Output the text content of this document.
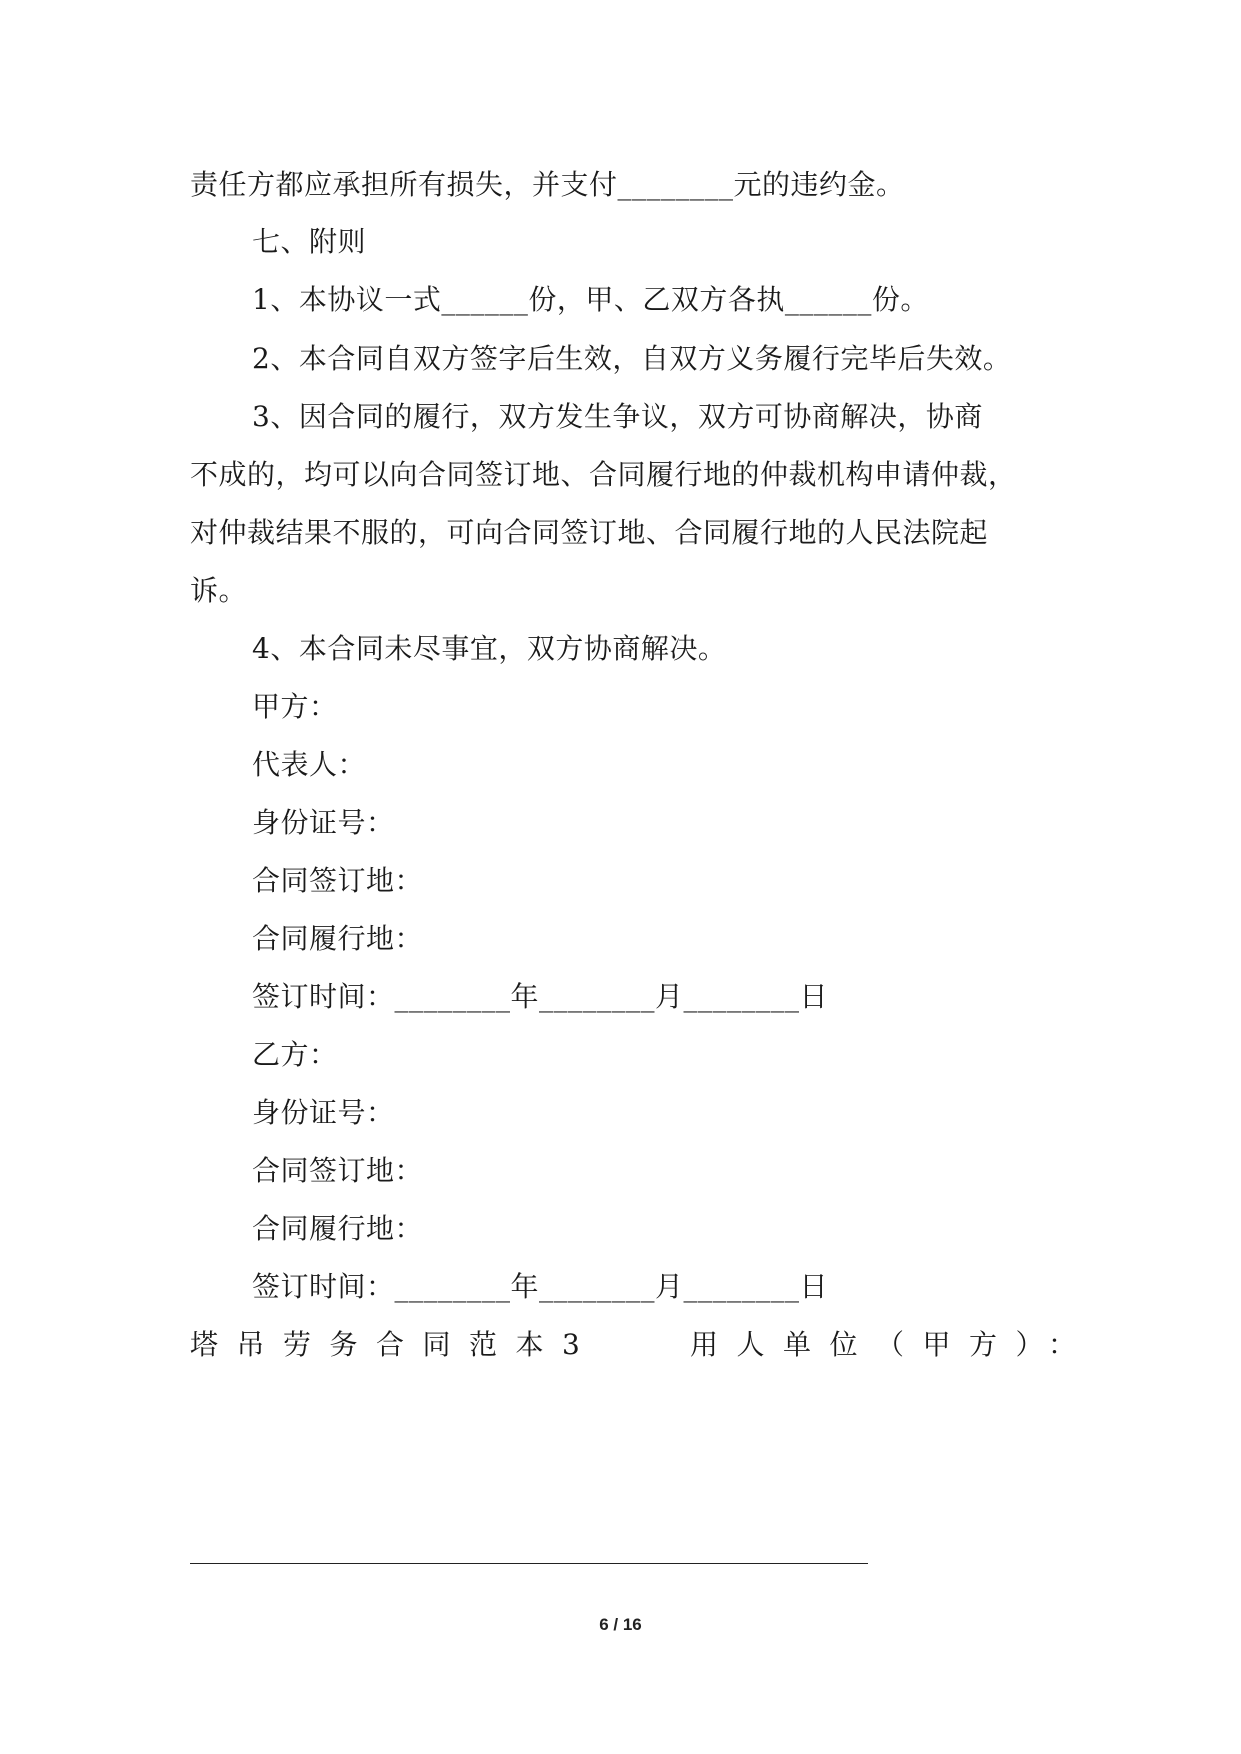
责任方都应承担所有损失，并支付________元的违约金。
七、附则
1、本协议一式______份，甲、乙双方各执______份。
2、本合同自双方签字后生效，自双方义务履行完毕后失效。
3、因合同的履行，双方发生争议，双方可协商解决，协商
不成的，均可以向合同签订地、合同履行地的仲裁机构申请仲裁，
对仲裁结果不服的，可向合同签订地、合同履行地的人民法院起
诉。
4、本合同未尽事宜，双方协商解决。
甲方：
代表人：
身份证号：
合同签订地：
合同履行地：
签订时间：________年________月________日
乙方：
身份证号：
合同签订地：
合同履行地：
签订时间：________年________月________日
塔吊劳务合同范本3	用人单位（甲方）：
6 / 16
